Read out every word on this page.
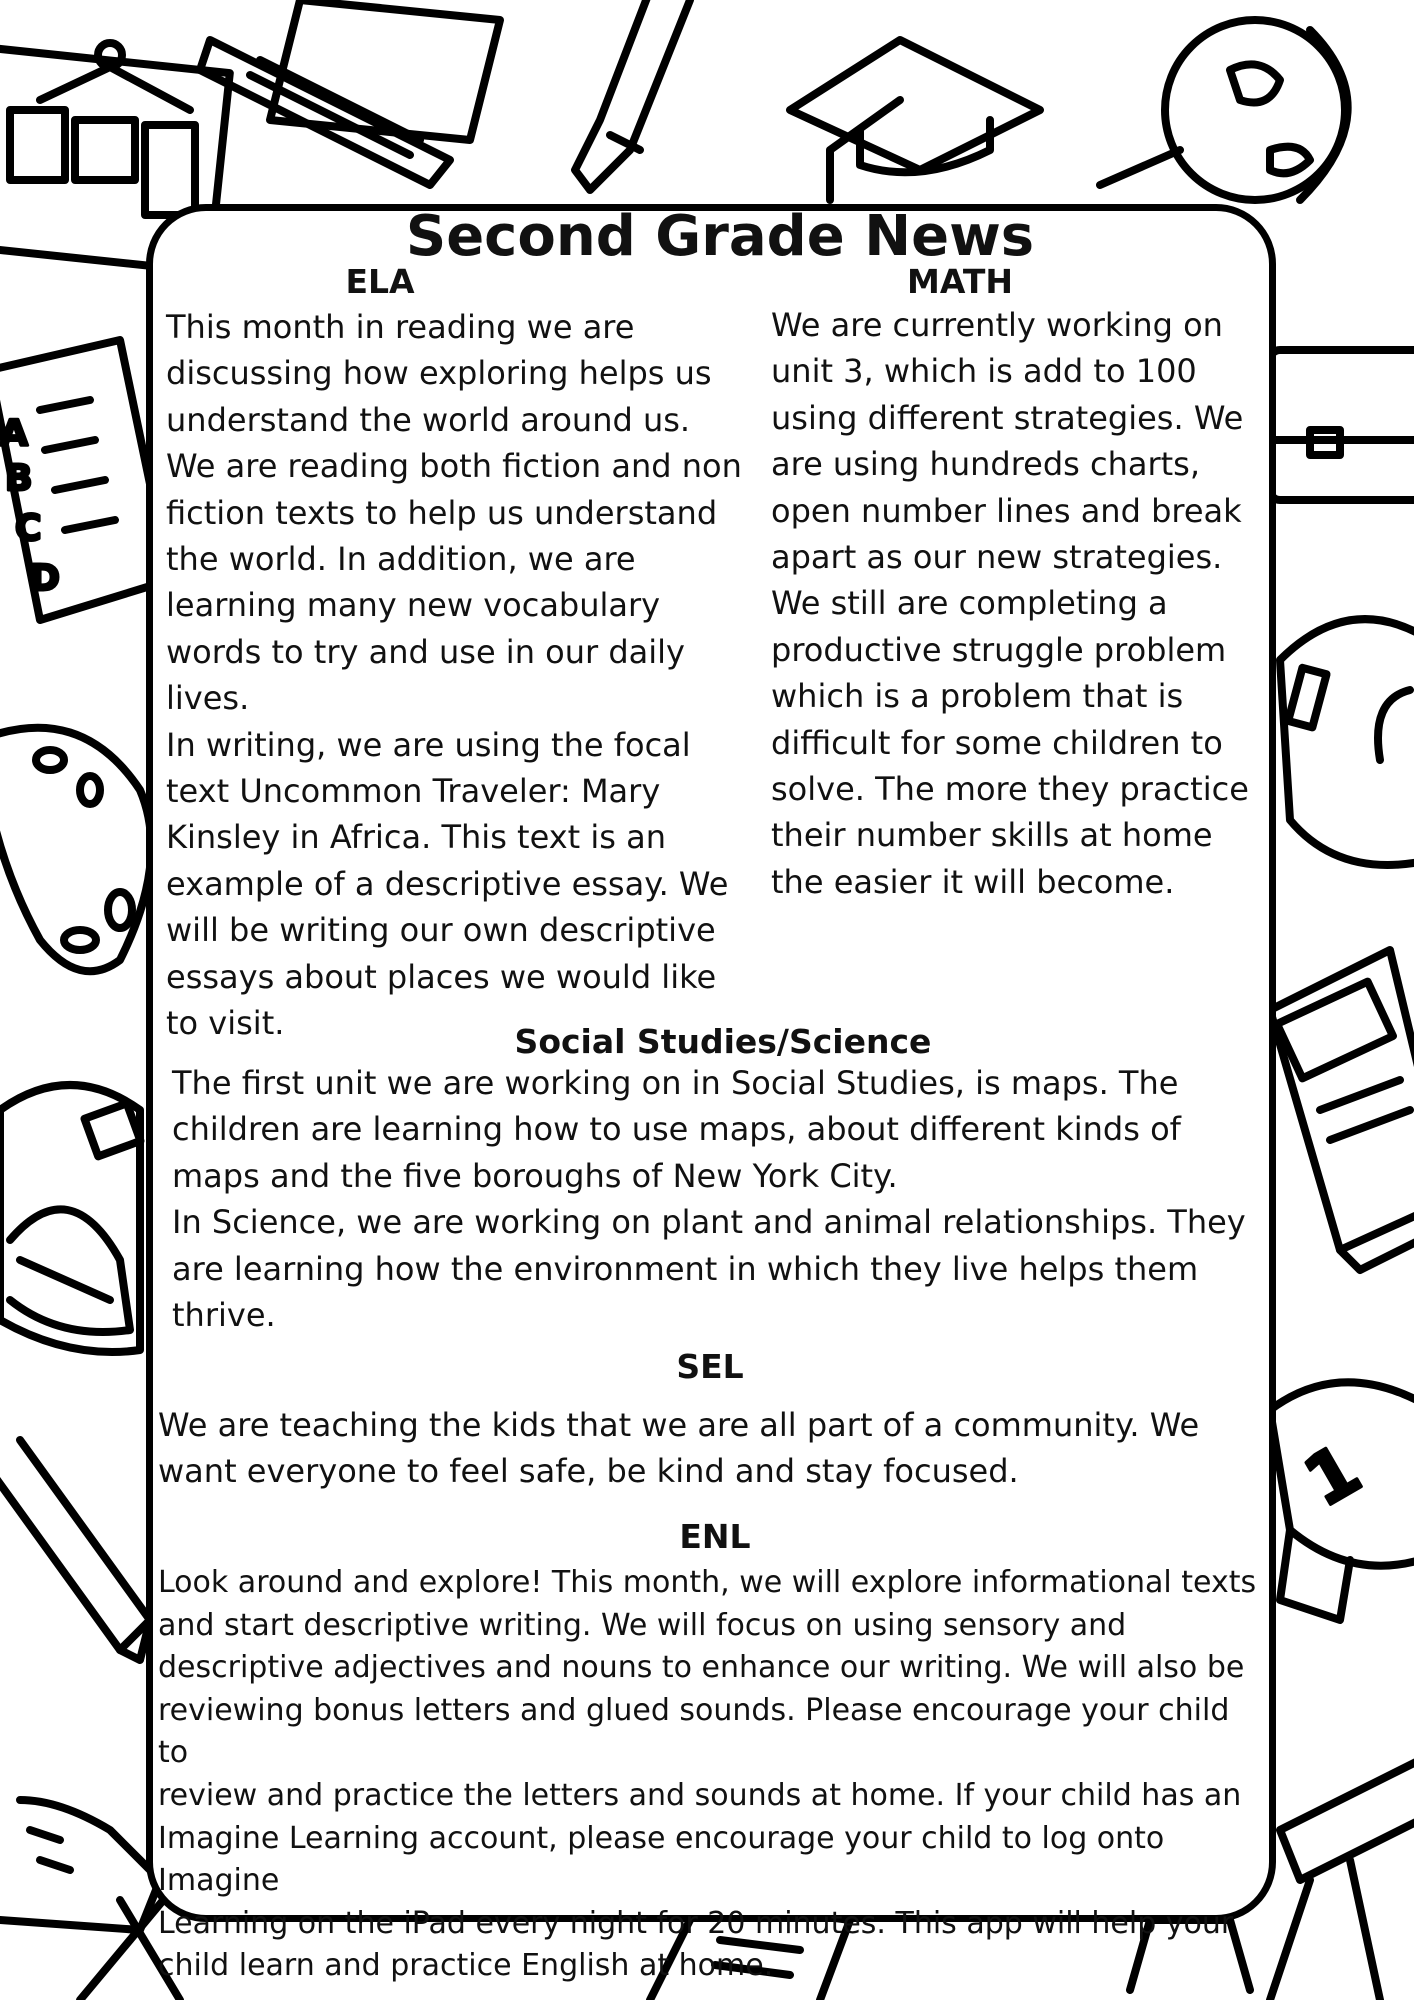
A
B
C
D
1
Second Grade News
ELA

This month in reading we are
discussing how exploring helps us
understand the world around us.
We are reading both fiction and non
fiction texts to help us understand
the world. In addition, we are
learning many new vocabulary
words to try and use in our daily
lives.
In writing, we are using the focal
text Uncommon Traveler: Mary
Kinsley in Africa. This text is an
example of a descriptive essay. We
will be writing our own descriptive
essays about places we would like
to visit.

MATH

We are currently working on
unit 3, which is add to 100
using different strategies. We
are using hundreds charts,
open number lines and break
apart as our new strategies.
We still are completing a
productive struggle problem
which is a problem that is
difficult for some children to
solve. The more they practice
their number skills at home
the easier it will become.

Social Studies/Science

The first unit we are working on in Social Studies, is maps. The
children are learning how to use maps, about different kinds of
maps and the five boroughs of New York City.
In Science, we are working on plant and animal relationships. They
are learning how the environment in which they live helps them
thrive.

SEL

We are teaching the kids that we are all part of a community. We
want everyone to feel safe, be kind and stay focused.

ENL

Look around and explore! This month, we will explore informational texts
and start descriptive writing. We will focus on using sensory and
descriptive adjectives and nouns to enhance our writing. We will also be
reviewing bonus letters and glued sounds. Please encourage your child to
review and practice the letters and sounds at home. If your child has an
Imagine Learning account, please encourage your child to log onto Imagine
Learning on the iPad every night for 20 minutes. This app will help your
child learn and practice English at home.
